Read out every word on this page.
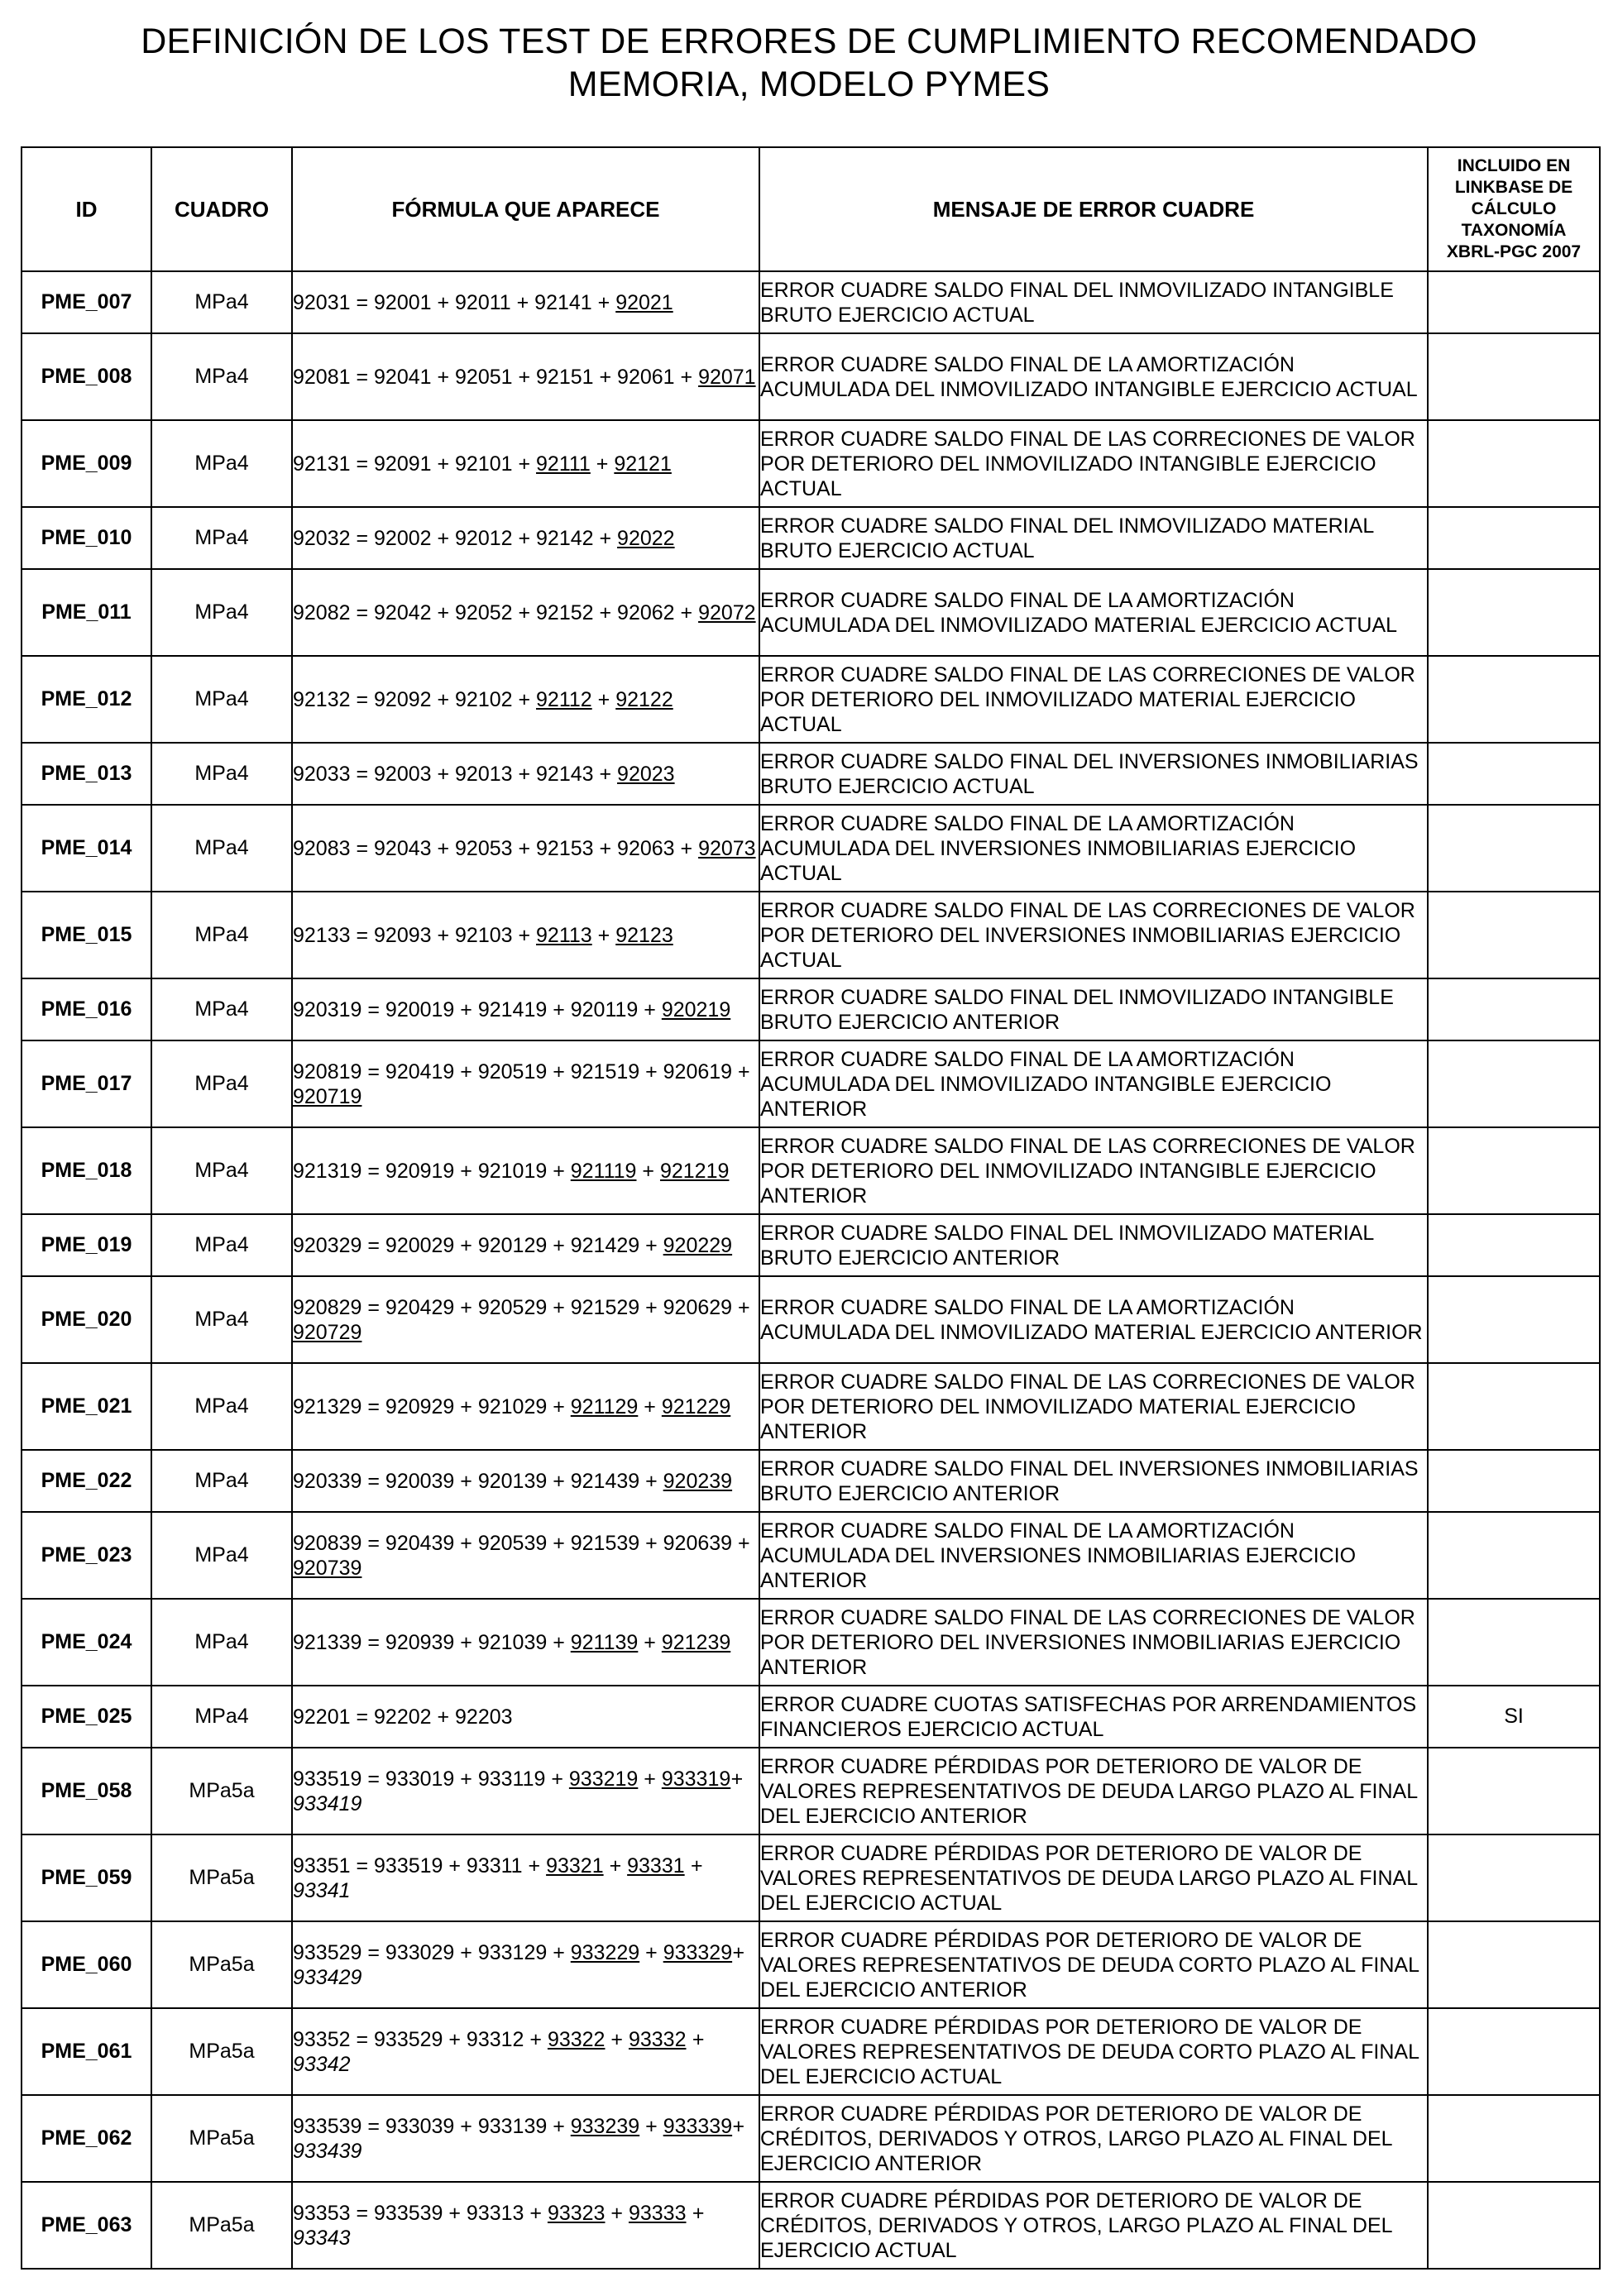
DEFINICIÓN DE LOS TEST DE ERRORES DE CUMPLIMIENTO RECOMENDADO
MEMORIA, MODELO PYMES
ID	CUADRO	FÓRMULA QUE APARECE	MENSAJE DE ERROR CUADRE	INCLUIDO EN LINKBASE DE CÁLCULO TAXONOMÍA XBRL-PGC 2007
PME_007	MPa4	92031 = 92001 + 92011 + 92141 + 92021	ERROR CUADRE SALDO FINAL DEL INMOVILIZADO INTANGIBLE BRUTO EJERCICIO ACTUAL	
PME_008	MPa4	92081 = 92041 + 92051 + 92151 + 92061 + 92071	ERROR CUADRE SALDO FINAL DE LA AMORTIZACIÓN ACUMULADA DEL INMOVILIZADO INTANGIBLE EJERCICIO ACTUAL	
PME_009	MPa4	92131 = 92091 + 92101 + 92111 + 92121	ERROR CUADRE SALDO FINAL DE LAS CORRECIONES DE VALOR POR DETERIORO DEL INMOVILIZADO INTANGIBLE EJERCICIO ACTUAL	
PME_010	MPa4	92032 = 92002 + 92012 + 92142 + 92022	ERROR CUADRE SALDO FINAL DEL INMOVILIZADO MATERIAL BRUTO EJERCICIO ACTUAL	
PME_011	MPa4	92082 = 92042 + 92052 + 92152 + 92062 + 92072	ERROR CUADRE SALDO FINAL DE LA AMORTIZACIÓN ACUMULADA DEL INMOVILIZADO MATERIAL EJERCICIO ACTUAL	
PME_012	MPa4	92132 = 92092 + 92102 + 92112 + 92122	ERROR CUADRE SALDO FINAL DE LAS CORRECIONES DE VALOR POR DETERIORO DEL INMOVILIZADO MATERIAL EJERCICIO ACTUAL	
PME_013	MPa4	92033 = 92003 + 92013 + 92143 + 92023	ERROR CUADRE SALDO FINAL DEL INVERSIONES INMOBILIARIAS BRUTO EJERCICIO ACTUAL	
PME_014	MPa4	92083 = 92043 + 92053 + 92153 + 92063 + 92073	ERROR CUADRE SALDO FINAL DE LA AMORTIZACIÓN ACUMULADA DEL INVERSIONES INMOBILIARIAS EJERCICIO ACTUAL	
PME_015	MPa4	92133 = 92093 + 92103 + 92113 + 92123	ERROR CUADRE SALDO FINAL DE LAS CORRECIONES DE VALOR POR DETERIORO DEL INVERSIONES INMOBILIARIAS EJERCICIO ACTUAL	
PME_016	MPa4	920319 = 920019 + 921419 + 920119 + 920219	ERROR CUADRE SALDO FINAL DEL INMOVILIZADO INTANGIBLE BRUTO EJERCICIO ANTERIOR	
PME_017	MPa4	920819 = 920419 + 920519 + 921519 + 920619 + 920719	ERROR CUADRE SALDO FINAL DE LA AMORTIZACIÓN ACUMULADA DEL INMOVILIZADO INTANGIBLE EJERCICIO ANTERIOR	
PME_018	MPa4	921319 = 920919 + 921019 + 921119 + 921219	ERROR CUADRE SALDO FINAL DE LAS CORRECIONES DE VALOR POR DETERIORO DEL INMOVILIZADO INTANGIBLE EJERCICIO ANTERIOR	
PME_019	MPa4	920329 = 920029 + 920129 + 921429 + 920229	ERROR CUADRE SALDO FINAL DEL INMOVILIZADO MATERIAL BRUTO EJERCICIO ANTERIOR	
PME_020	MPa4	920829 = 920429 + 920529 + 921529 + 920629 + 920729	ERROR CUADRE SALDO FINAL DE LA AMORTIZACIÓN ACUMULADA DEL INMOVILIZADO MATERIAL EJERCICIO ANTERIOR	
PME_021	MPa4	921329 = 920929 + 921029 + 921129 + 921229	ERROR CUADRE SALDO FINAL DE LAS CORRECIONES DE VALOR POR DETERIORO DEL INMOVILIZADO MATERIAL EJERCICIO ANTERIOR	
PME_022	MPa4	920339 = 920039 + 920139 + 921439 + 920239	ERROR CUADRE SALDO FINAL DEL INVERSIONES INMOBILIARIAS BRUTO EJERCICIO ANTERIOR	
PME_023	MPa4	920839 = 920439 + 920539 + 921539 + 920639 + 920739	ERROR CUADRE SALDO FINAL DE LA AMORTIZACIÓN ACUMULADA DEL INVERSIONES INMOBILIARIAS EJERCICIO ANTERIOR	
PME_024	MPa4	921339 = 920939 + 921039 + 921139 + 921239	ERROR CUADRE SALDO FINAL DE LAS CORRECIONES DE VALOR POR DETERIORO DEL INVERSIONES INMOBILIARIAS EJERCICIO ANTERIOR	
PME_025	MPa4	92201 = 92202 + 92203	ERROR CUADRE CUOTAS SATISFECHAS POR ARRENDAMIENTOS FINANCIEROS EJERCICIO ACTUAL	SI
PME_058	MPa5a	933519 = 933019 + 933119 + 933219 + 933319+ 933419	ERROR CUADRE PÉRDIDAS POR DETERIORO DE VALOR DE VALORES REPRESENTATIVOS DE DEUDA LARGO PLAZO AL FINAL DEL EJERCICIO ANTERIOR	
PME_059	MPa5a	93351 = 933519 + 93311 + 93321 + 93331 + 93341	ERROR CUADRE PÉRDIDAS POR DETERIORO DE VALOR DE VALORES REPRESENTATIVOS DE DEUDA LARGO PLAZO AL FINAL DEL EJERCICIO ACTUAL	
PME_060	MPa5a	933529 = 933029 + 933129 + 933229 + 933329+ 933429	ERROR CUADRE PÉRDIDAS POR DETERIORO DE VALOR DE VALORES REPRESENTATIVOS DE DEUDA CORTO PLAZO AL FINAL DEL EJERCICIO ANTERIOR	
PME_061	MPa5a	93352 = 933529 + 93312 + 93322 + 93332 + 93342	ERROR CUADRE PÉRDIDAS POR DETERIORO DE VALOR DE VALORES REPRESENTATIVOS DE DEUDA CORTO PLAZO AL FINAL DEL EJERCICIO ACTUAL	
PME_062	MPa5a	933539 = 933039 + 933139 + 933239 + 933339+ 933439	ERROR CUADRE PÉRDIDAS POR DETERIORO DE VALOR DE CRÉDITOS, DERIVADOS Y OTROS, LARGO PLAZO AL FINAL DEL EJERCICIO ANTERIOR	
PME_063	MPa5a	93353 = 933539 + 93313 + 93323 + 93333 + 93343	ERROR CUADRE PÉRDIDAS POR DETERIORO DE VALOR DE CRÉDITOS, DERIVADOS Y OTROS, LARGO PLAZO AL FINAL DEL EJERCICIO ACTUAL	
